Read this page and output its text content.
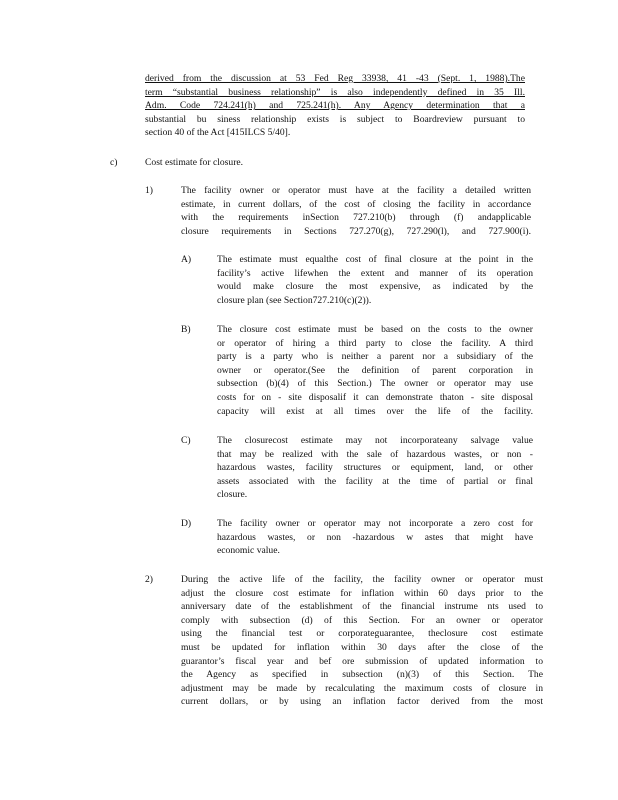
derived from the discussion at 53 Fed Reg 33938, 41 -43 (Sept. 1, 1988).The
term “substantial business relationship” is also independently defined in 35 Ill.
Adm. Code 724.241(h) and 725.241(h). Any Agency determination that a
substantial bu siness relationship exists is subject to Boardreview pursuant to
section 40 of the Act [415ILCS 5/40].
c)	Cost estimate for closure.
1)	The facility owner or operator must have at the facility a detailed written
estimate, in current dollars, of the cost of closing the facility in accordance
with the requirements inSection 727.210(b) through (f) andapplicable
closure requirements in Sections 727.270(g), 727.290(l), and 727.900(i).
A)	The estimate must equalthe cost of final closure at the point in the
facility’s active lifewhen the extent and manner of its operation
would make closure the most expensive, as indicated by the
closure plan (see Section727.210(c)(2)).
B)	The closure cost estimate must be based on the costs to the owner
or operator of hiring a third party to close the facility. A third
party is a party who is neither a parent nor a subsidiary of the
owner or operator.(See the definition of parent corporation in
subsection (b)(4) of this Section.) The owner or operator may use
costs for on - site disposalif it can demonstrate thaton - site disposal
capacity will exist at all times over the life of the facility.
C)	The closurecost estimate may not incorporateany salvage value
that may be realized with the sale of hazardous wastes, or non -
hazardous wastes, facility structures or equipment, land, or other
assets associated with the facility at the time of partial or final
closure.
D)	The facility owner or operator may not incorporate a zero cost for
hazardous wastes, or non -hazardous w astes that might have
economic value.
2)	During the active life of the facility, the facility owner or operator must
adjust the closure cost estimate for inflation within 60 days prior to the
anniversary date of the establishment of the financial instrume nts used to
comply with subsection (d) of this Section. For an owner or operator
using the financial test or corporateguarantee, theclosure cost estimate
must be updated for inflation within 30 days after the close of the
guarantor’s fiscal year and bef ore submission of updated information to
the Agency as specified in subsection (n)(3) of this Section. The
adjustment may be made by recalculating the maximum costs of closure in
current dollars, or by using an inflation factor derived from the most
